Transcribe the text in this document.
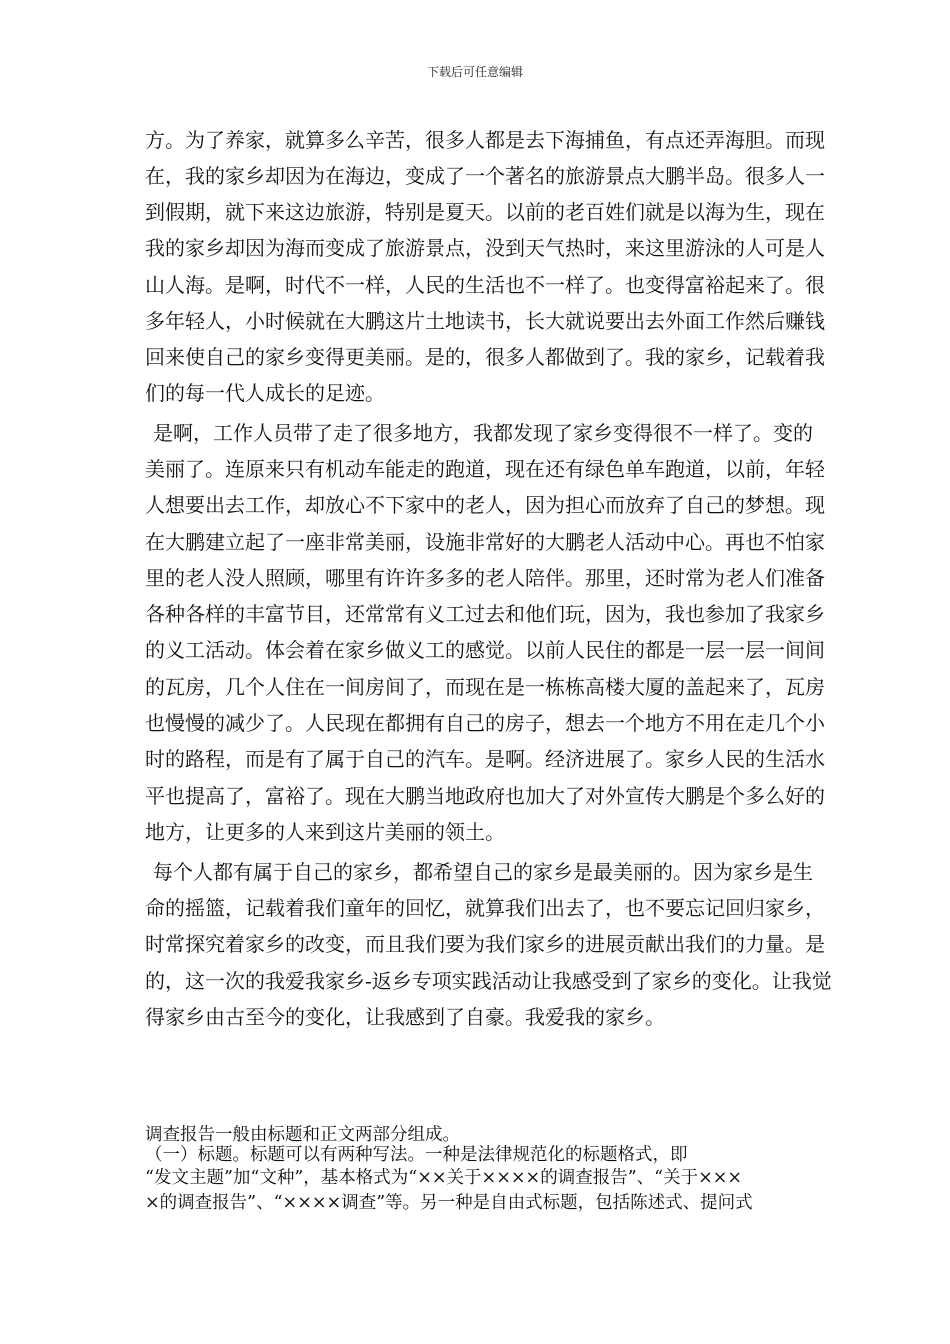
下载后可任意编辑

方。为了养家，就算多么辛苦，很多人都是去下海捕鱼，有点还弄海胆。而现

在，我的家乡却因为在海边，变成了一个著名的旅游景点大鹏半岛。很多人一

到假期，就下来这边旅游，特别是夏天。以前的老百姓们就是以海为生，现在

我的家乡却因为海而变成了旅游景点，没到天气热时，来这里游泳的人可是人

山人海。是啊，时代不一样，人民的生活也不一样了。也变得富裕起来了。很

多年轻人，小时候就在大鹏这片土地读书，长大就说要出去外面工作然后赚钱

回来使自己的家乡变得更美丽。是的，很多人都做到了。我的家乡，记载着我

们的每一代人成长的足迹。

是啊，工作人员带了走了很多地方，我都发现了家乡变得很不一样了。变的

美丽了。连原来只有机动车能走的跑道，现在还有绿色单车跑道，以前，年轻

人想要出去工作，却放心不下家中的老人，因为担心而放弃了自己的梦想。现

在大鹏建立起了一座非常美丽，设施非常好的大鹏老人活动中心。再也不怕家

里的老人没人照顾，哪里有许许多多的老人陪伴。那里，还时常为老人们准备

各种各样的丰富节目，还常常有义工过去和他们玩，因为，我也参加了我家乡

的义工活动。体会着在家乡做义工的感觉。以前人民住的都是一层一层一间间

的瓦房，几个人住在一间房间了，而现在是一栋栋高楼大厦的盖起来了，瓦房

也慢慢的减少了。人民现在都拥有自己的房子，想去一个地方不用在走几个小

时的路程，而是有了属于自己的汽车。是啊。经济进展了。家乡人民的生活水

平也提高了，富裕了。现在大鹏当地政府也加大了对外宣传大鹏是个多么好的

地方，让更多的人来到这片美丽的领土。

每个人都有属于自己的家乡，都希望自己的家乡是最美丽的。因为家乡是生

命的摇篮，记载着我们童年的回忆，就算我们出去了，也不要忘记回归家乡，

时常探究着家乡的改变，而且我们要为我们家乡的进展贡献出我们的力量。是

的，这一次的我爱我家乡-返乡专项实践活动让我感受到了家乡的变化。让我觉

得家乡由古至今的变化，让我感到了自豪。我爱我的家乡。

调查报告一般由标题和正文两部分组成。

（一）标题。标题可以有两种写法。一种是法律规范化的标题格式，即

“发文主题”加“文种”，基本格式为“××关于××××的调查报告”、“关于×××

×的调查报告”、“××××调查”等。另一种是自由式标题，包括陈述式、提问式
